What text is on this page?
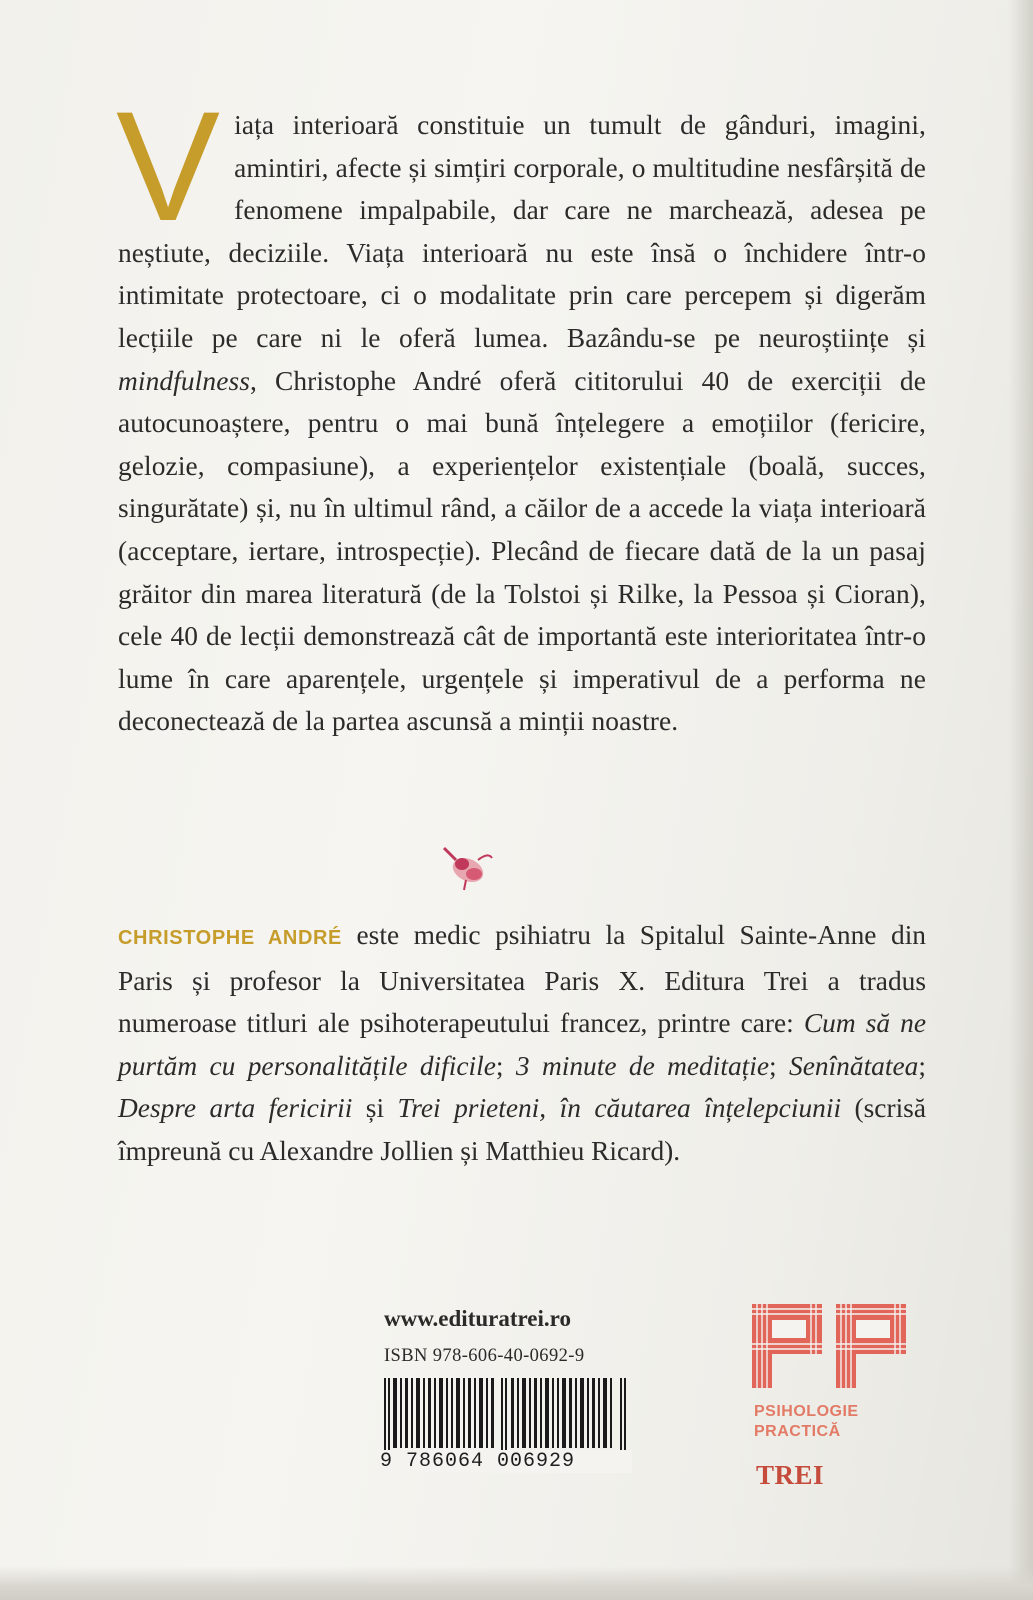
Viața interioară constituie un tumult de gânduri, imagini, amintiri, afecte și simțiri corporale, o multitudine nesfârșită de fenomene impalpabile, dar care ne marchează, adesea pe neștiute, deciziile. Viața interioară nu este însă o închidere într-o intimitate protectoare, ci o modalitate prin care percepem și digerăm lecțiile pe care ni le oferă lumea. Bazându-se pe neuroștiințe și mindfulness, Christophe André oferă cititorului 40 de exerciții de autocunoaștere, pentru o mai bună înțelegere a emoțiilor (fericire, gelozie, compasiune), a experiențelor existențiale (boală, succes, singurătate) și, nu în ultimul rând, a căilor de a accede la viața interioară (acceptare, iertare, introspecție). Plecând de fiecare dată de la un pasaj grăitor din marea literatură (de la Tolstoi și Rilke, la Pessoa și Cioran), cele 40 de lecții demonstrează cât de importantă este interioritatea într-o lume în care aparențele, urgențele și imperativul de a performa ne deconectează de la partea ascunsă a minții noastre.
CHRISTOPHE ANDRÉ este medic psihiatru la Spitalul Sainte-Anne din Paris și profesor la Universitatea Paris X. Editura Trei a tradus numeroase titluri ale psihoterapeutului francez, printre care: Cum să ne purtăm cu personalitățile dificile; 3 minute de meditație; Senînătatea; Despre arta fericirii și Trei prieteni, în căutarea înțelepciunii (scrisă împreună cu Alexandre Jollien și Matthieu Ricard).
www.edituratrei.ro
ISBN 978-606-40-0692-9
9 786064 006929
PSIHOLOGIE
PRACTICĂ
TREI
